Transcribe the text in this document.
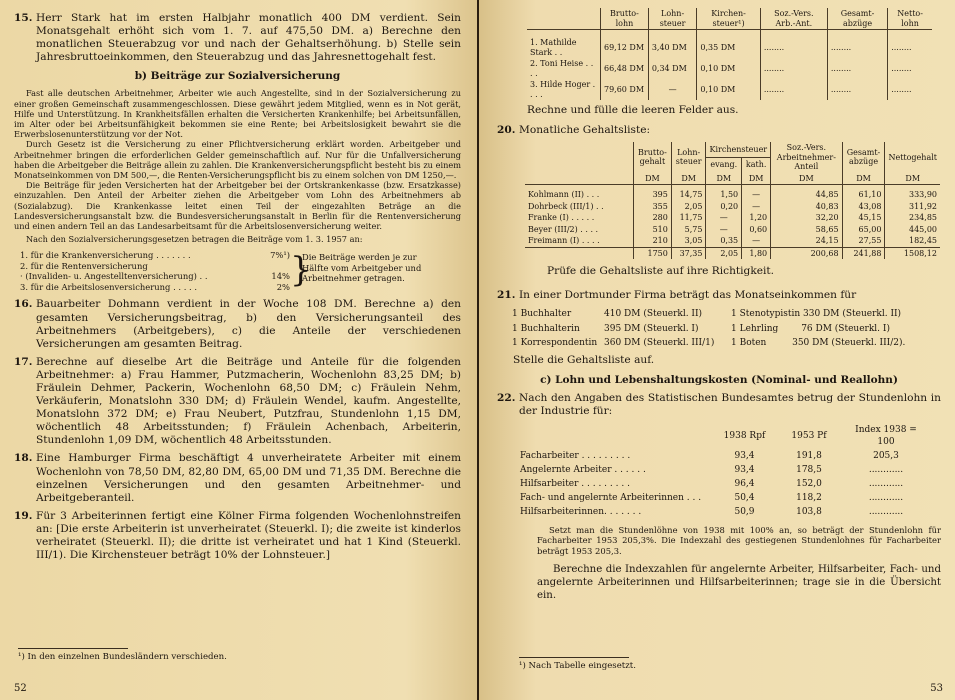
15. Herr Stark hat im ersten Halbjahr monatlich 400 DM verdient. Sein Monatsgehalt erhöht sich vom 1. 7. auf 475,50 DM. a) Berechne den monatlichen Steuerabzug vor und nach der Gehaltserhöhung. b) Stelle sein Jahresbruttoeinkommen, den Steuerabzug und das Jahresnettogehalt fest.
b) Beiträge zur Sozialversicherung

Fast alle deutschen Arbeitnehmer, Arbeiter wie auch Angestellte, sind in der Sozialversicherung zu einer großen Gemeinschaft zusammengeschlossen. Diese gewährt jedem Mitglied, wenn es in Not gerät, Hilfe und Unterstützung. In Krankheitsfällen erhalten die Versicherten Krankenhilfe; bei Arbeitsunfällen, im Alter oder bei Arbeitsunfähigkeit bekommen sie eine Rente; bei Arbeitslosigkeit bewahrt sie die Erwerbslosenunterstützung vor der Not.

Durch Gesetz ist die Versicherung zu einer Pflichtversicherung erklärt worden. Arbeitgeber und Arbeitnehmer bringen die erforderlichen Gelder gemeinschaftlich auf. Nur für die Unfallversicherung haben die Arbeitgeber die Beiträge allein zu zahlen. Die Krankenversicherungspflicht besteht bis zu einem Monatseinkommen von DM 500,—, die Renten-Versicherungspflicht bis zu einem solchen von DM 1250,—.

Die Beiträge für jeden Versicherten hat der Arbeitgeber bei der Ortskrankenkasse (bzw. Ersatzkasse) einzuzahlen. Den Anteil der Arbeiter ziehen die Arbeitgeber vom Lohn des Arbeitnehmers ab (Sozialabzug). Die Krankenkasse leitet einen Teil der eingezahlten Beträge an die Landesversicherungsanstalt bzw. die Bundesversicherungsanstalt in Berlin für die Rentenversicherung und einen andern Teil an das Landesarbeitsamt für die Arbeitslosenversicherung weiter.

Nach den Sozialversicherungsgesetzen betragen die Beiträge vom 1. 3. 1957 an:

1. für die Krankenversicherung . . . . . . .	7%¹)
2. für die Rentenversicherung
· (Invaliden- u. Angestelltenversicherung) . .	14%
3. für die Arbeitslosenversicherung . . . . .	2% }
Die Beiträge werden je zur Hälfte vom Arbeitgeber und Arbeitnehmer getragen.
16. Bauarbeiter Dohmann verdient in der Woche 108 DM. Berechne a) den gesamten Versicherungsbeitrag, b) den Versicherungsanteil des Arbeitnehmers (Arbeitgebers), c) die Anteile der verschiedenen Versicherungen am gesamten Beitrag.
17. Berechne auf dieselbe Art die Beiträge und Anteile für die folgenden Arbeitnehmer: a) Frau Hammer, Putzmacherin, Wochenlohn 83,25 DM; b) Fräulein Dehmer, Packerin, Wochenlohn 68,50 DM; c) Fräulein Nehm, Verkäuferin, Monatslohn 330 DM; d) Fräulein Wendel, kaufm. Angestellte, Monatslohn 372 DM; e) Frau Neubert, Putzfrau, Stundenlohn 1,15 DM, wöchentlich 48 Arbeitsstunden; f) Fräulein Achenbach, Arbeiterin, Stundenlohn 1,09 DM, wöchentlich 48 Arbeitsstunden.
18. Eine Hamburger Firma beschäftigt 4 unverheiratete Arbeiter mit einem Wochenlohn von 78,50 DM, 82,80 DM, 65,00 DM und 71,35 DM. Berechne die einzelnen Versicherungen und den gesamten Arbeitnehmer- und Arbeitgeberanteil.
19. Für 3 Arbeiterinnen fertigt eine Kölner Firma folgenden Wochenlohnstreifen an: [Die erste Arbeiterin ist unverheiratet (Steuerkl. I); die zweite ist kinderlos verheiratet (Steuerkl. II); die dritte ist verheiratet und hat 1 Kind (Steuerkl. III/1). Die Kirchensteuer beträgt 10% der Lohnsteuer.]
¹) In den einzelnen Bundesländern verschieden.
52
	Brutto-lohn	Lohn-steuer	Kirchen-steuer¹)	Soz.-Vers. Arb.-Ant.	Gesamt-abzüge	Netto-lohn
1. Mathilde Stark . .	69,12 DM	3,40 DM	0,35 DM	........	........	........
2. Toni Heise . . . .	66,48 DM	0,34 DM	0,10 DM	........	........	........
3. Hilde Hoger . . . .	79,60 DM	—	0,10 DM	........	........	........
Rechne und fülle die leeren Felder aus.
20. Monatliche Gehaltsliste:
	Brutto-gehalt	Lohn-steuer	Kirchensteuer		Soz.-Vers. Arbeitnehmer-Anteil	Gesamt-abzüge	Nettogehalt
			evang.	kath.			
	DM	DM	DM	DM	DM	DM	DM
Kohlmann (II) . . .	395	14,75	1,50	—	44,85	61,10	333,90
Dohrbeck (III/1) . .	355	2,05	0,20	—	40,83	43,08	311,92
Franke (I) . . . . .	280	11,75	—	1,20	32,20	45,15	234,85
Beyer (III/2) . . . .	510	5,75	—	0,60	58,65	65,00	445,00
Freimann (I) . . . .	210	3,05	0,35	—	24,15	27,55	182,45
	1750	37,35	2,05	1,80	200,68	241,88	1508,12
Prüfe die Gehaltsliste auf ihre Richtigkeit.
21. In einer Dortmunder Firma beträgt das Monatseinkommen für
1 Buchhalter	410 DM (Steuerkl. II)	1 Stenotypistin 330 DM (Steuerkl. II)
1 Buchhalterin	395 DM (Steuerkl. I)	1 Lehrling        76 DM (Steuerkl. I)
1 Korrespondentin	360 DM (Steuerkl. III/1)	1 Boten         350 DM (Steuerkl. III/2).
Stelle die Gehaltsliste auf.
c) Lohn und Lebenshaltungskosten (Nominal- und Reallohn)
22. Nach den Angaben des Statistischen Bundesamtes betrug der Stundenlohn in der Industrie für:
	1938 Rpf	1953 Pf	Index 1938 = 100
Facharbeiter . . . . . . . . .	93,4	191,8	205,3
Angelernte Arbeiter . . . . . .	93,4	178,5	............
Hilfsarbeiter . . . . . . . . .	96,4	152,0	............
Fach- und angelernte Arbeiterinnen . . .	50,4	118,2	............
Hilfsarbeiterinnen. . . . . . .	50,9	103,8	............
Setzt man die Stundenlöhne von 1938 mit 100% an, so beträgt der Stundenlohn für Facharbeiter 1953 205,3%. Die Indexzahl des gestiegenen Stundenlohnes für Facharbeiter beträgt 1953 205,3.
Berechne die Indexzahlen für angelernte Arbeiter, Hilfsarbeiter, Fach- und angelernte Arbeiterinnen und Hilfsarbeiterinnen; trage sie in die Übersicht ein.
¹) Nach Tabelle eingesetzt.
53
